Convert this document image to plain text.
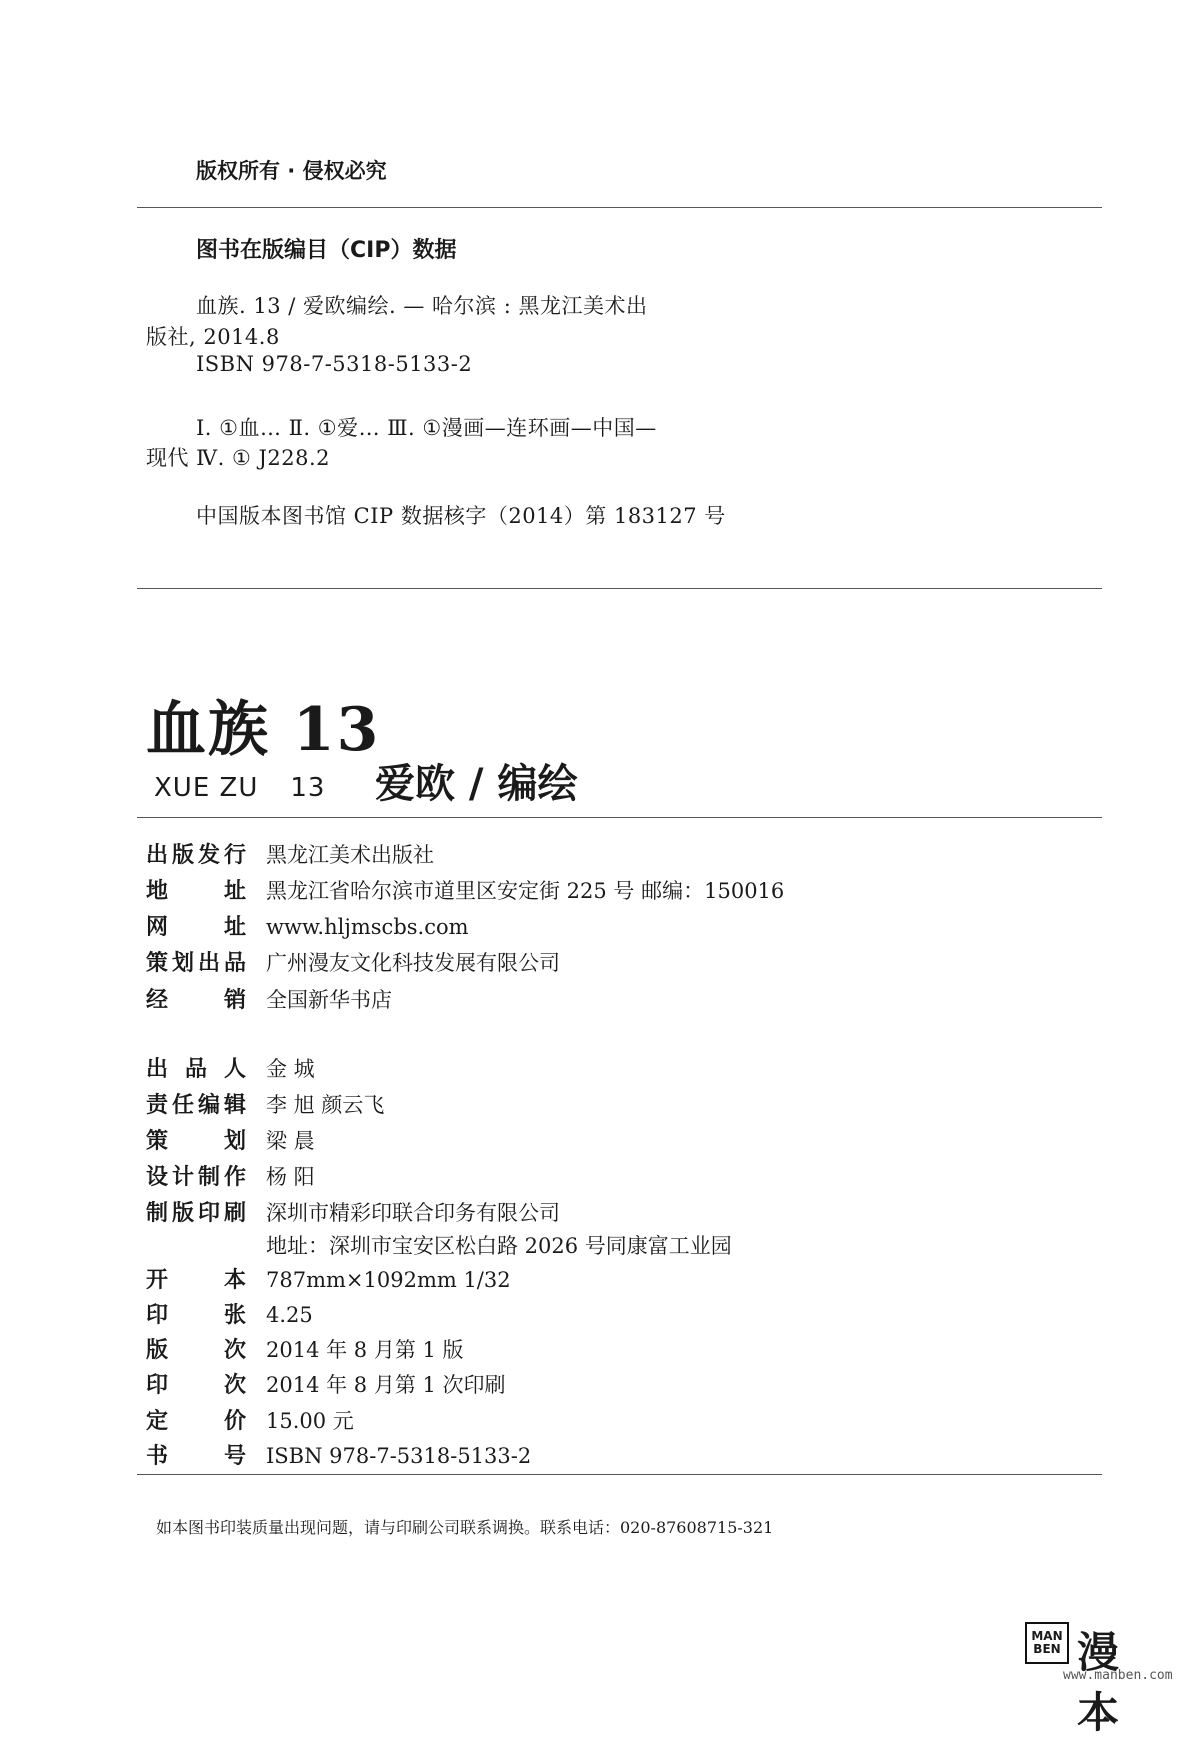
版权所有 · 侵权必究
图书在版编目（CIP）数据
血族. 13 / 爱欧编绘. — 哈尔滨 : 黑龙江美术出
版社, 2014.8
ISBN 978-7-5318-5133-2
Ⅰ. ①血… Ⅱ. ①爱… Ⅲ. ①漫画—连环画—中国—
现代 Ⅳ. ① J228.2
中国版本图书馆 CIP 数据核字（2014）第 183127 号
血族 13
XUE ZU 13 爱欧 / 编绘
出 版 发 行 黑龙江美术出版社
地	址 黑龙江省哈尔滨市道里区安定街 225 号 邮编：150016
网	址 www.hljmscbs.com
策 划 出 品 广州漫友文化科技发展有限公司
经	销 全国新华书店
出 品 人 金 城
责 任 编 辑 李 旭 颜云飞
策	划 梁 晨
设 计 制 作 杨 阳
制 版 印 刷 深圳市精彩印联合印务有限公司
地址：深圳市宝安区松白路 2026 号同康富工业园
开	本 787mm×1092mm 1/32
印	张 4.25
版	次 2014 年 8 月第 1 版
印	次 2014 年 8 月第 1 次印刷
定	价 15.00 元
书	号 ISBN 978-7-5318-5133-2
如本图书印装质量出现问题，请与印刷公司联系调换。联系电话：020-87608715-321
MAN
BEN 漫本
www.manben.com
